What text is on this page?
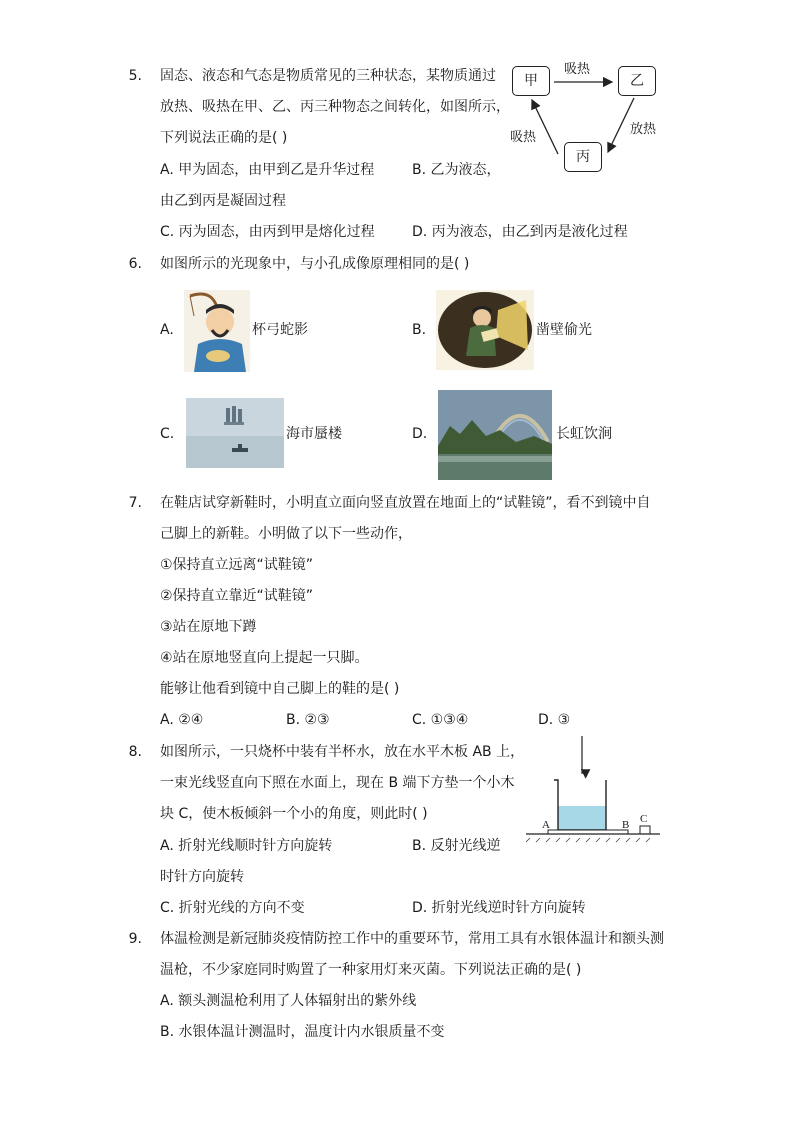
5. 固态、液态和气态是物质常见的三种状态，某物质通过
放热、吸热在甲、乙、丙三种物态之间转化，如图所示，
下列说法正确的是( )
甲	乙
丙
吸热
放热
吸热
A. 甲为固态，由甲到乙是升华过程	B. 乙为液态，
由乙到丙是凝固过程
C. 丙为固态，由丙到甲是熔化过程	D. 丙为液态，由乙到丙是液化过程
6. 如图所示的光现象中，与小孔成像原理相同的是( )
A.	杯弓蛇影	B.	凿壁偷光
C.	海市蜃楼	D.	长虹饮涧
7. 在鞋店试穿新鞋时，小明直立面向竖直放置在地面上的“试鞋镜”，看不到镜中自
己脚上的新鞋。小明做了以下一些动作，
①保持直立远离“试鞋镜”
②保持直立靠近“试鞋镜”
③站在原地下蹲
④站在原地竖直向上提起一只脚。
能够让他看到镜中自己脚上的鞋的是( )
A. ②④	B. ②③	C. ①③④	D. ③
8. 如图所示，一只烧杯中装有半杯水，放在水平木板 AB 上，
一束光线竖直向下照在水面上，现在 B 端下方垫一个小木
块 C，使木板倾斜一个小的角度，则此时( )
A	B C
A. 折射光线顺时针方向旋转	B. 反射光线逆
时针方向旋转
C. 折射光线的方向不变	D. 折射光线逆时针方向旋转
9. 体温检测是新冠肺炎疫情防控工作中的重要环节，常用工具有水银体温计和额头测
温枪，不少家庭同时购置了一种家用灯来灭菌。下列说法正确的是( )
A. 额头测温枪利用了人体辐射出的紫外线
B. 水银体温计测温时，温度计内水银质量不变
